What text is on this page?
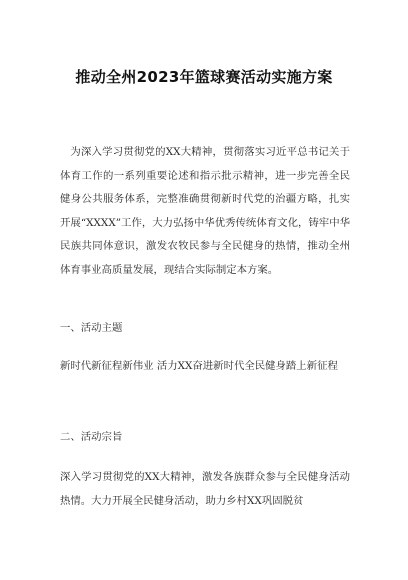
推动全州2023年篮球赛活动实施方案

为深入学习贯彻党的XX大精神，贯彻落实习近平总书记关于体育工作的一系列重要论述和指示批示精神，进一步完善全民健身公共服务体系，完整准确贯彻新时代党的治疆方略，扎实开展“XXXX”工作，大力弘扬中华优秀传统体育文化，铸牢中华民族共同体意识，激发农牧民参与全民健身的热情，推动全州体育事业高质量发展，现结合实际制定本方案。

一、活动主题

新时代新征程新伟业 活力XX奋进新时代全民健身踏上新征程

二、活动宗旨

深入学习贯彻党的XX大精神，激发各族群众参与全民健身活动热情。大力开展全民健身活动，助力乡村XX巩固脱贫
